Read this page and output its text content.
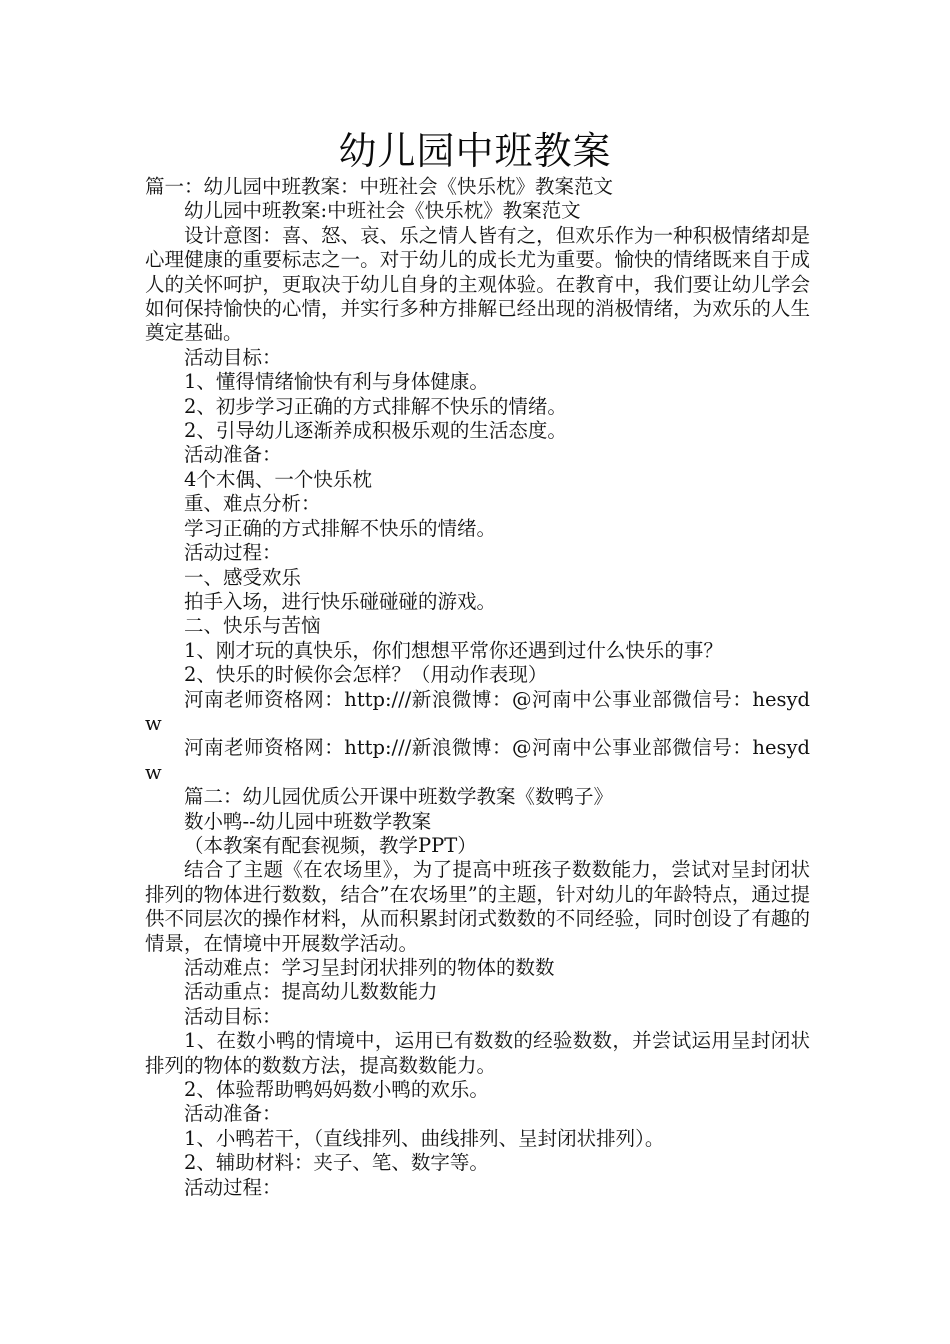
幼儿园中班教案

篇一：幼儿园中班教案：中班社会《快乐枕》教案范文

幼儿园中班教案:中班社会《快乐枕》教案范文

设计意图：喜、怒、哀、乐之情人皆有之，但欢乐作为一种积极情绪却是心理健康的重要标志之一。对于幼儿的成长尤为重要。愉快的情绪既来自于成人的关怀呵护，更取决于幼儿自身的主观体验。在教育中，我们要让幼儿学会如何保持愉快的心情，并实行多种方排解已经出现的消极情绪，为欢乐的人生奠定基础。

活动目标：

1、懂得情绪愉快有利与身体健康。

2、初步学习正确的方式排解不快乐的情绪。

2、引导幼儿逐渐养成积极乐观的生活态度。

活动准备：

4个木偶、一个快乐枕

重、难点分析：

学习正确的方式排解不快乐的情绪。

活动过程：

一、感受欢乐

拍手入场，进行快乐碰碰碰的游戏。

二、快乐与苦恼

1、刚才玩的真快乐，你们想想平常你还遇到过什么快乐的事？

2、快乐的时候你会怎样？（用动作表现）

河南老师资格网：http:///新浪微博：@河南中公事业部微信号：hesydw

河南老师资格网：http:///新浪微博：@河南中公事业部微信号：hesydw

篇二：幼儿园优质公开课中班数学教案《数鸭子》

数小鸭--幼儿园中班数学教案

（本教案有配套视频，教学PPT）

结合了主题《在农场里》，为了提高中班孩子数数能力，尝试对呈封闭状排列的物体进行数数，结合”在农场里”的主题，针对幼儿的年龄特点，通过提供不同层次的操作材料，从而积累封闭式数数的不同经验，同时创设了有趣的情景，在情境中开展数学活动。

活动难点：学习呈封闭状排列的物体的数数

活动重点：提高幼儿数数能力

活动目标：

1、在数小鸭的情境中，运用已有数数的经验数数，并尝试运用呈封闭状排列的物体的数数方法，提高数数能力。

2、体验帮助鸭妈妈数小鸭的欢乐。

活动准备：

1、小鸭若干，（直线排列、曲线排列、呈封闭状排列）。

2、辅助材料：夹子、笔、数字等。

活动过程：
